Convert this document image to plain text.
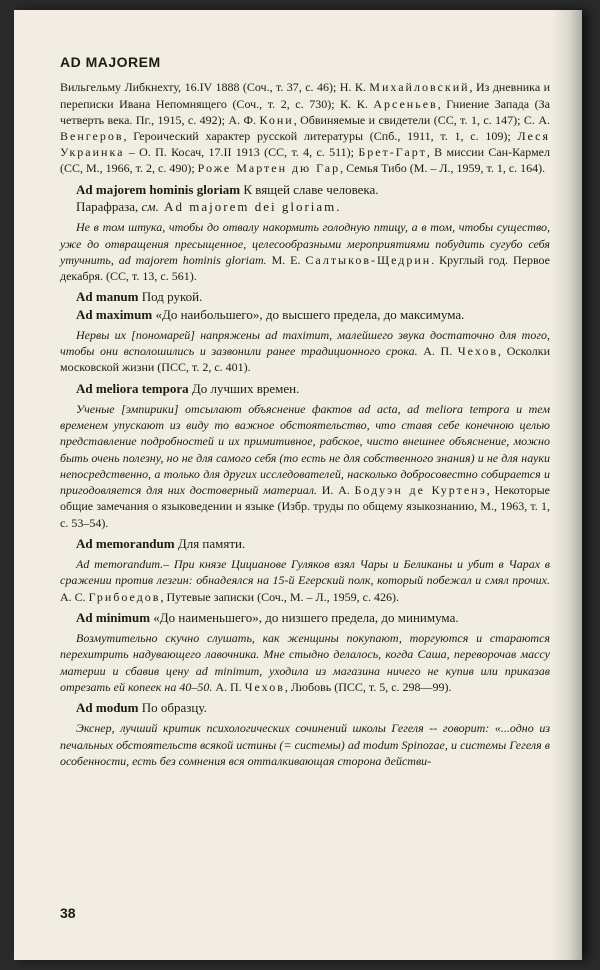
AD MAJOREM

Вильгельму Либкнехту, 16.IV 1888 (Соч., т. 37, с. 46); Н. К. Михайловский, Из дневника и переписки Ивана Непомнящего (Соч., т. 2, с. 730); К. К. Арсеньев, Гниение Запада (За четверть века. Пг., 1915, с. 492); А. Ф. Кони, Обвиняемые и свидетели (СС, т. 1, с. 147); С. А. Венгеров, Героический характер русской литературы (Спб., 1911, т. 1, с. 109); Леся Украинка – О. П. Косач, 17.II 1913 (СС, т. 4, с. 511); Брет-Гарт, В миссии Сан-Кармел (СС, М., 1966, т. 2, с. 490); Роже Мартен дю Гар, Семья Тибо (М. – Л., 1959, т. 1, с. 164).

Ad majorem hominis gloriam К вящей славе человека.

Парафраза, см. Ad majorem dei gloriam.

Не в том штука, чтобы до отвалу накормить голодную птицу, а в том, чтобы существо, уже до отвращения пресыщенное, целесообразными мероприятиями побудить сугубо себя утучнить, ad majorem hominis gloriam. М. Е. Салтыков-Щедрин. Круглый год. Первое декабря. (СС, т. 13, с. 561).

Ad manum Под рукой.

Ad maximum «До наибольшего», до высшего предела, до максимума.

Нервы их [пономарей] напряжены ad maximum, малейшего звука достаточно для того, чтобы они всполошились и зазвонили ранее традиционного срока. А. П. Чехов, Осколки московской жизни (ПСС, т. 2, с. 401).

Ad meliora tempora До лучших времен.

Ученые [эмпирики] отсылают объяснение фактов ad acta, ad meliora tempora и тем временем упускают из виду то важное обстоятельство, что ставя себе конечною целью представление подробностей и их примитивное, рабское, чисто внешнее объяснение, можно быть очень полезну, но не для самого себя (то есть не для собственного знания) и не для науки непосредственно, а только для других исследователей, насколько добросовестно собирается и пригодовляется для них достоверный материал. И. А. Бодуэн де Куртенэ, Некоторые общие замечания о языковедении и языке (Избр. труды по общему языкознанию, М., 1963, т. 1, с. 53–54).

Ad memorandum Для памяти.

Ad memorandum.– При князе Цицианове Гуляков взял Чары и Беликаны и убит в Чарах в сражении против лезгин: обнадеялся на 15-й Егерский полк, который побежал и смял прочих. А. С. Грибоедов, Путевые записки (Соч., М. – Л., 1959, с. 426).

Ad minimum «До наименьшего», до низшего предела, до минимума.

Возмутительно скучно слушать, как женщины покупают, торгуются и стараются перехитрить надувающего лавочника. Мне стыдно делалось, когда Саша, переворочав массу материи и сбавив цену ad minimum, уходила из магазина ничего не купив или приказав отрезать ей копеек на 40–50. А. П. Чехов, Любовь (ПСС, т. 5, с. 298—99).

Ad modum По образцу.

Экснер, лучший критик психологических сочинений школы Гегеля -- говорит: «...одно из печальных обстоятельств всякой истины (= системы) ad modum Spinozae, и системы Гегеля в особенности, есть без сомнения вся отталкивающая сторона действи-

38
